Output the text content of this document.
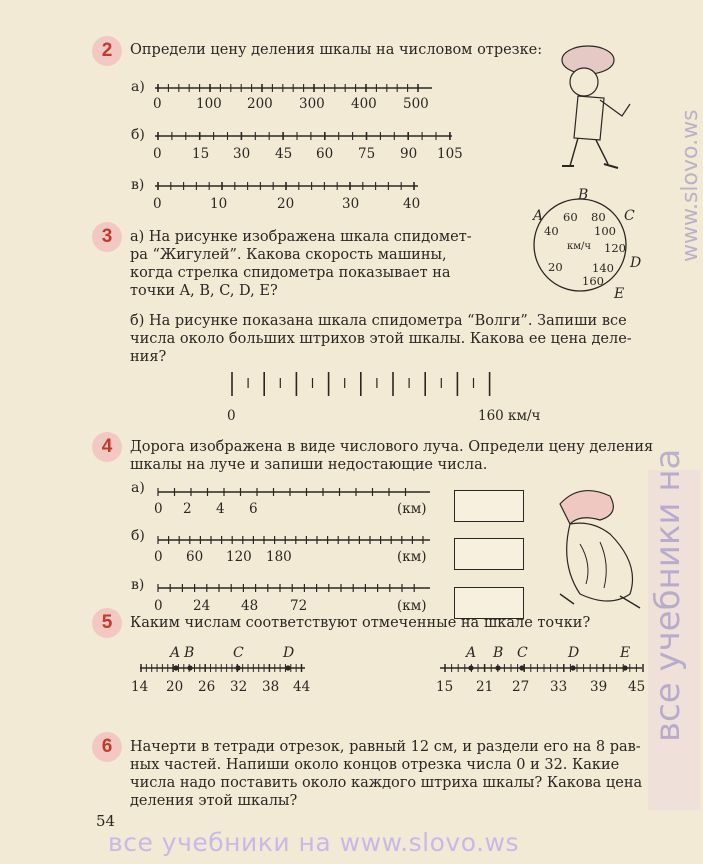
все учебники на
www.slovo.ws
2	Определи цену деления шкалы на числовом отрезке:
а)
0	100 200 300 400 500
б)
0 15 30 45 60 75 90 105
в)
0	10	20	30	40
3	а) На рисунке изображена шкала спидомет-
ра “Жигулей”. Какова скорость машины,
когда стрелка спидометра показывает на
точки A, B, C, D, E?
км/ч
20
40
60 80
100
120
140
160
A
B
C
D
E
б) На рисунке показана шкала спидометра “Волги”. Запиши все
числа около больших штрихов этой шкалы. Какова ее цена деле-
ния?
0	160 км/ч
4	Дорога изображена в виде числового луча. Определи цену деления
шкалы на луче и запиши недостающие числа.
а)
0 2 4 6	(км)
б)
0 60 120 180	(км)
в)
0 24 48 72	(км)
5	Каким числам соответствуют отмеченные на шкале точки?
A B	C	D
14 20 26 32 38 44
A B C	D	E
15 21 27 33 39 45
6	Начерти в тетради отрезок, равный 12 см, и раздели его на 8 рав-
ных частей. Напиши около концов отрезка числа 0 и 32. Какие
числа надо поставить около каждого штриха шкалы? Какова цена
деления этой шкалы?
54
все учебники на www.slovo.ws
